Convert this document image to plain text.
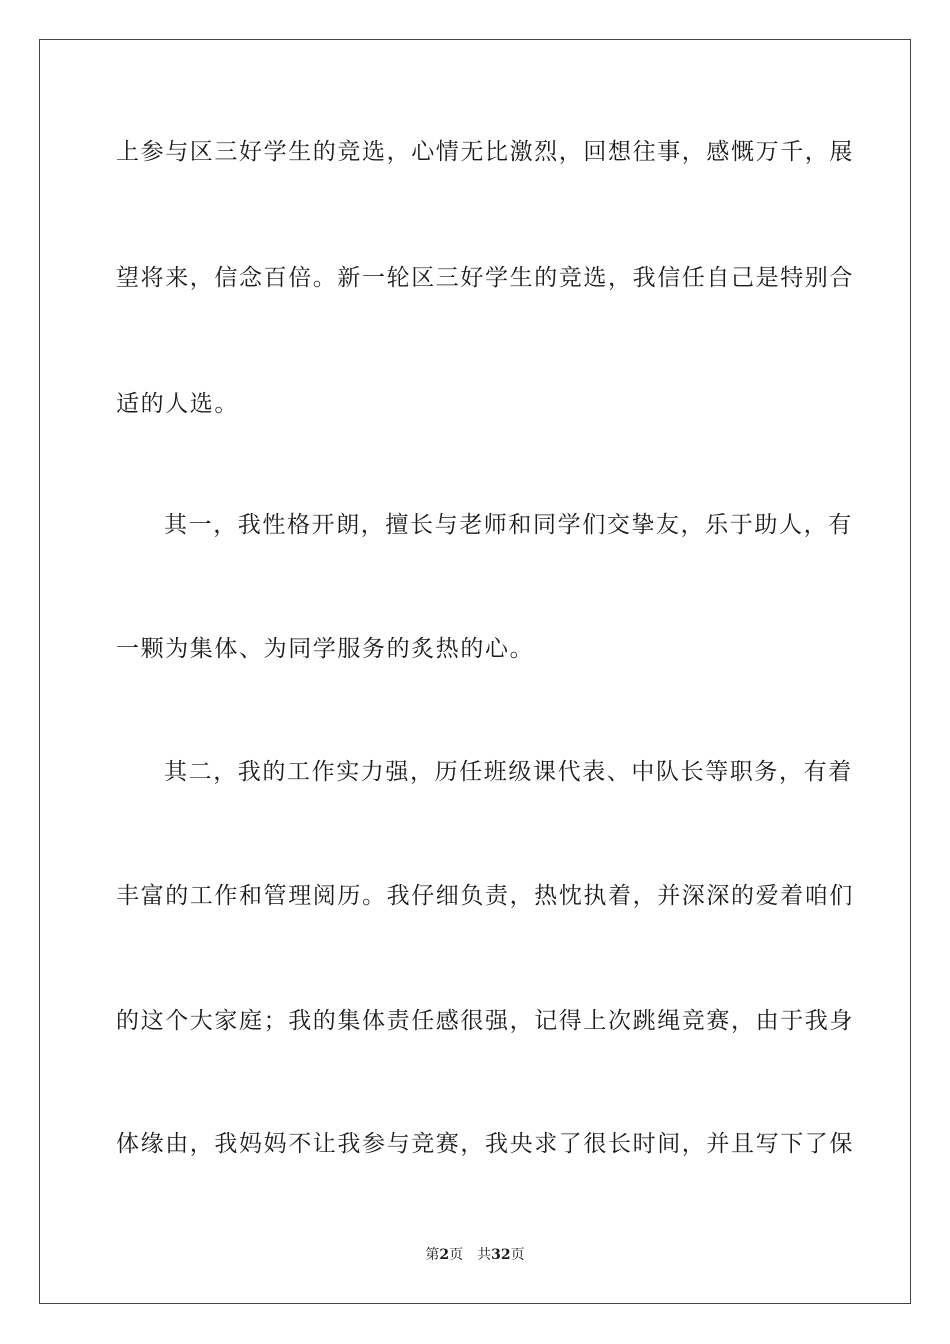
上参与区三好学生的竞选，心情无比激烈，回想往事，感慨万千，展
望将来，信念百倍。新一轮区三好学生的竞选，我信任自己是特别合
适的人选。
其一，我性格开朗，擅长与老师和同学们交挚友，乐于助人，有
一颗为集体、为同学服务的炙热的心。
其二，我的工作实力强，历任班级课代表、中队长等职务，有着
丰富的工作和管理阅历。我仔细负责，热忱执着，并深深的爱着咱们
的这个大家庭；我的集体责任感很强，记得上次跳绳竞赛，由于我身
体缘由，我妈妈不让我参与竞赛，我央求了很长时间，并且写下了保
第2页 共32页
